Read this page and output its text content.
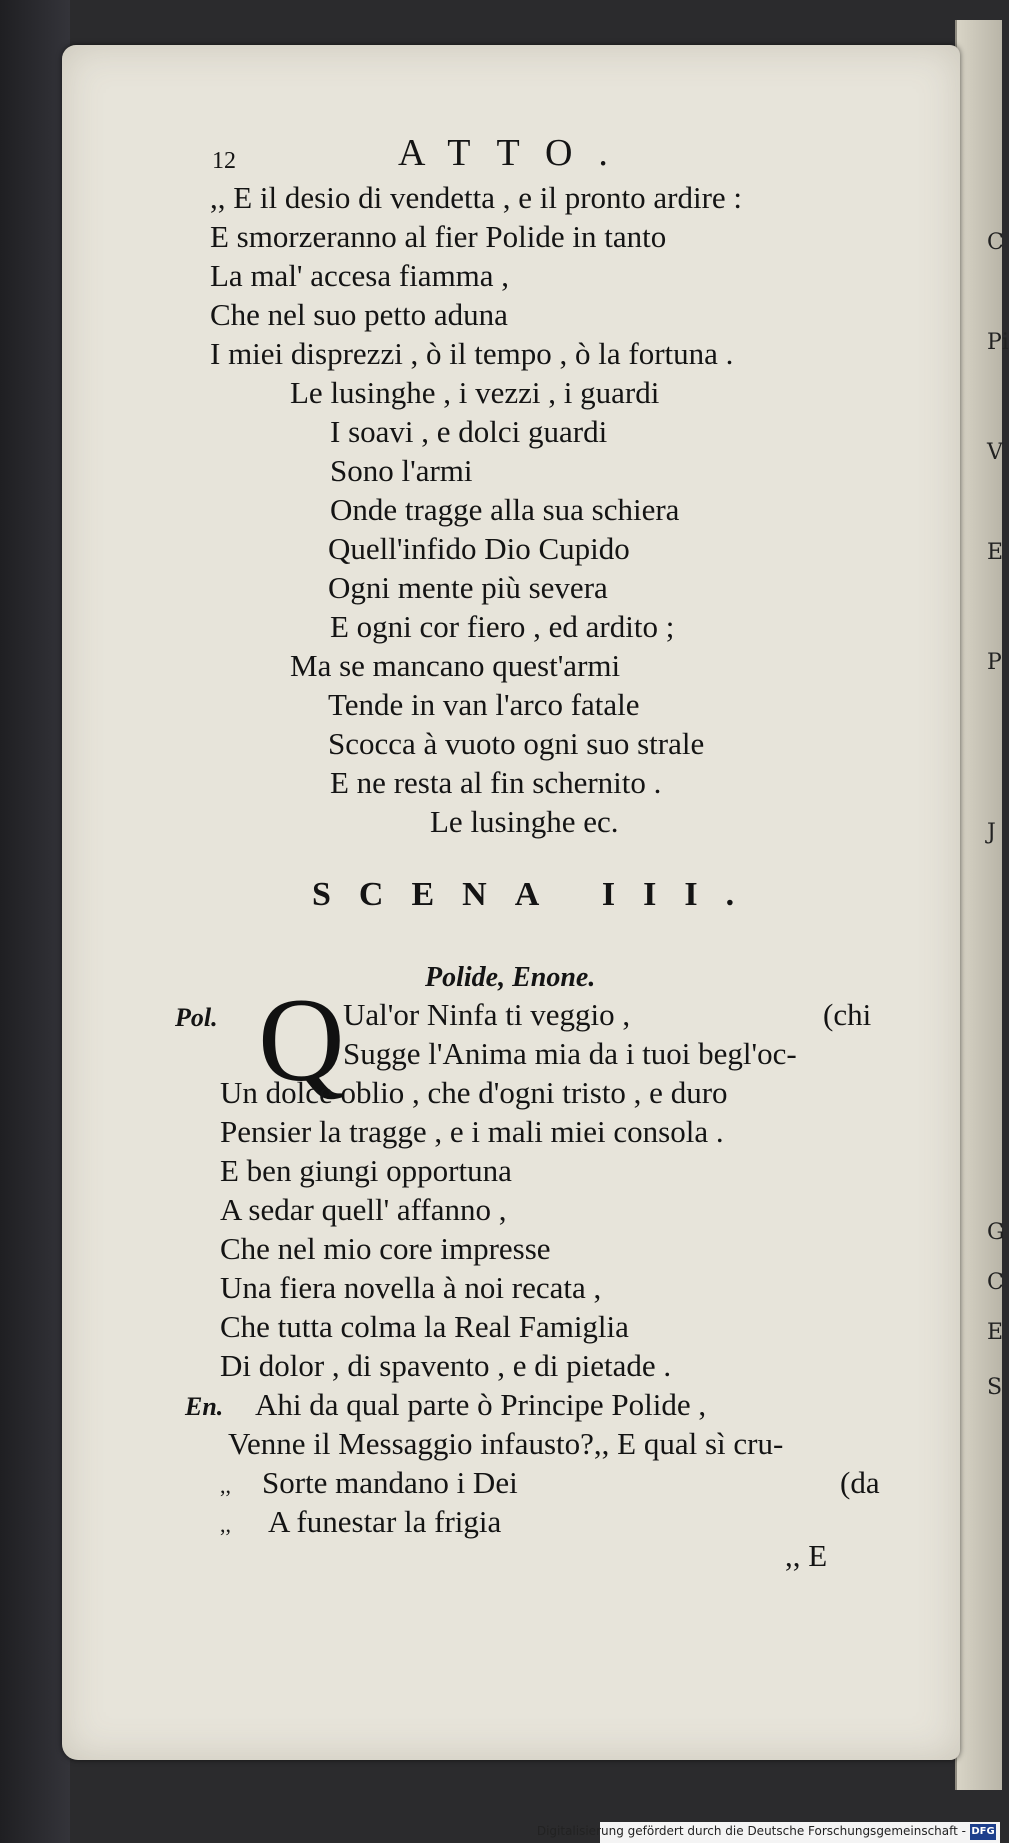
C
Pi
V
E
P
J
G
C
E
S
12	ATTO.
,, E il desio di vendetta , e il pronto ardire :
E smorzeranno al fier Polide in tanto
La mal' accesa fiamma ,
Che nel suo petto aduna
I miei disprezzi , ò il tempo , ò la fortuna .
Le lusinghe , i vezzi , i guardi
I soavi , e dolci guardi
Sono l'armi
Onde tragge alla sua schiera
Quell'infido Dio Cupido
Ogni mente più severa
E ogni cor fiero , ed ardito ;
Ma se mancano quest'armi
Tende in van l'arco fatale
Scocca à vuoto ogni suo strale
E ne resta al fin schernito .
Le lusinghe ec.
SCENA III.
Polide, Enone.
Pol. Q
Ual'or Ninfa ti veggio ,	(chi
Sugge l'Anima mia da i tuoi begl'oc-
Un dolce oblio , che d'ogni tristo , e duro
Pensier la tragge , e i mali miei consola .
E ben giungi opportuna
A sedar quell' affanno ,
Che nel mio core impresse
Una fiera novella à noi recata ,
Che tutta colma la Real Famiglia
Di dolor , di spavento , e di pietade .
En. Ahi da qual parte ò Principe Polide ,
Venne il Messaggio infausto?,, E qual sì cru-
,, Sorte mandano i Dei	(da
,, A funestar la frigia
,, E
Digitalisierung gefördert durch die Deutsche Forschungsgemeinschaft - DFG
